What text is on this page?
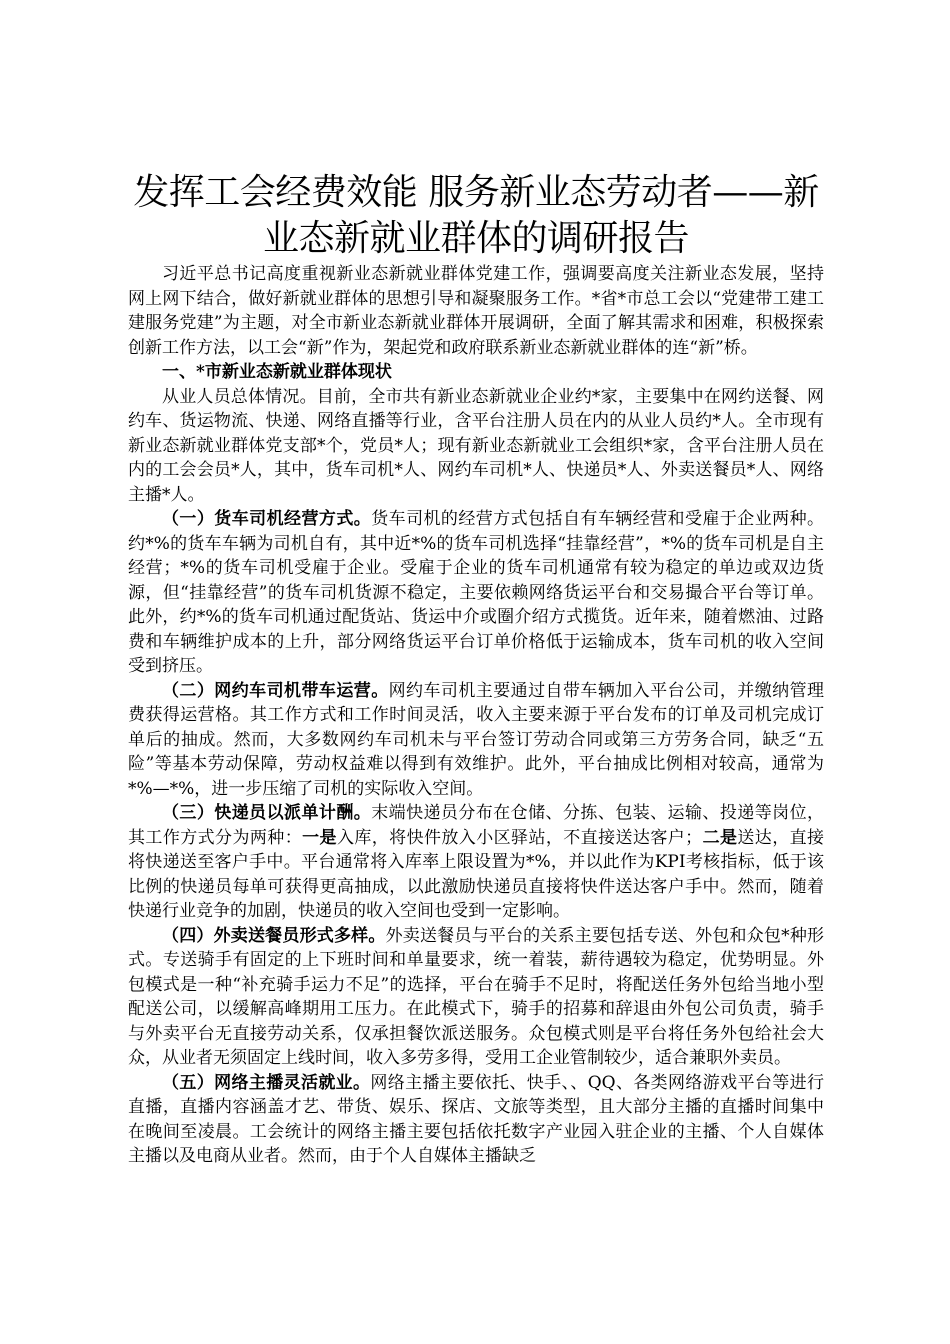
发挥工会经费效能 服务新业态劳动者——新
业态新就业群体的调研报告

习近平总书记高度重视新业态新就业群体党建工作，强调要高度关注新业态发展，坚持网上网下结合，做好新就业群体的思想引导和凝聚服务工作。*省*市总工会以“党建带工建工建服务党建”为主题，对全市新业态新就业群体开展调研，全面了解其需求和困难，积极探索创新工作方法，以工会“新”作为，架起党和政府联系新业态新就业群体的连“新”桥。

一、*市新业态新就业群体现状

从业人员总体情况。目前，全市共有新业态新就业企业约*家，主要集中在网约送餐、网约车、货运物流、快递、网络直播等行业，含平台注册人员在内的从业人员约*人。全市现有新业态新就业群体党支部*个，党员*人；现有新业态新就业工会组织*家，含平台注册人员在内的工会会员*人，其中，货车司机*人、网约车司机*人、快递员*人、外卖送餐员*人、网络主播*人。

（一）货车司机经营方式。货车司机的经营方式包括自有车辆经营和受雇于企业两种。约*%的货车车辆为司机自有，其中近*%的货车司机选择“挂靠经营”，*%的货车司机是自主经营；*%的货车司机受雇于企业。受雇于企业的货车司机通常有较为稳定的单边或双边货源，但“挂靠经营”的货车司机货源不稳定，主要依赖网络货运平台和交易撮合平台等订单。此外，约*%的货车司机通过配货站、货运中介或圈介绍方式揽货。近年来，随着燃油、过路费和车辆维护成本的上升，部分网络货运平台订单价格低于运输成本，货车司机的收入空间受到挤压。

（二）网约车司机带车运营。网约车司机主要通过自带车辆加入平台公司，并缴纳管理费获得运营格。其工作方式和工作时间灵活，收入主要来源于平台发布的订单及司机完成订单后的抽成。然而，大多数网约车司机未与平台签订劳动合同或第三方劳务合同，缺乏“五险”等基本劳动保障，劳动权益难以得到有效维护。此外，平台抽成比例相对较高，通常为*%—*%，进一步压缩了司机的实际收入空间。

（三）快递员以派单计酬。末端快递员分布在仓储、分拣、包装、运输、投递等岗位，其工作方式分为两种：一是入库，将快件放入小区驿站，不直接送达客户；二是送达，直接将快递送至客户手中。平台通常将入库率上限设置为*%，并以此作为KPI考核指标，低于该比例的快递员每单可获得更高抽成，以此激励快递员直接将快件送达客户手中。然而，随着快递行业竞争的加剧，快递员的收入空间也受到一定影响。

（四）外卖送餐员形式多样。外卖送餐员与平台的关系主要包括专送、外包和众包*种形式。专送骑手有固定的上下班时间和单量要求，统一着装，薪待遇较为稳定，优势明显。外包模式是一种“补充骑手运力不足”的选择，平台在骑手不足时，将配送任务外包给当地小型配送公司，以缓解高峰期用工压力。在此模式下，骑手的招募和辞退由外包公司负责，骑手与外卖平台无直接劳动关系，仅承担餐饮派送服务。众包模式则是平台将任务外包给社会大众，从业者无须固定上线时间，收入多劳多得，受用工企业管制较少，适合兼职外卖员。

（五）网络主播灵活就业。网络主播主要依托、快手、、QQ、各类网络游戏平台等进行直播，直播内容涵盖才艺、带货、娱乐、探店、文旅等类型，且大部分主播的直播时间集中在晚间至凌晨。工会统计的网络主播主要包括依托数字产业园入驻企业的主播、个人自媒体主播以及电商从业者。然而，由于个人自媒体主播缺乏
